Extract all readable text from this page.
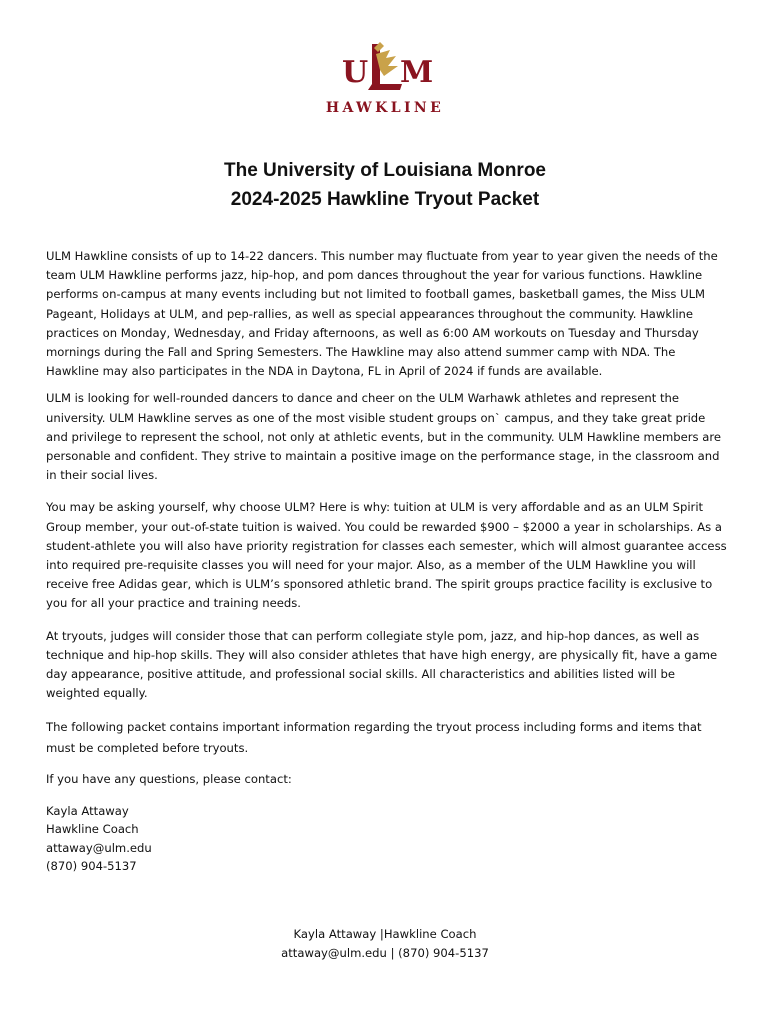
U M
HAWKLINE
The University of Louisiana Monroe
2024-2025 Hawkline Tryout Packet

ULM Hawkline consists of up to 14-22 dancers. This number may fluctuate from year to year given the needs of the team ULM Hawkline performs jazz, hip-hop, and pom dances throughout the year for various functions. Hawkline performs on-campus at many events including but not limited to football games, basketball games, the Miss ULM Pageant, Holidays at ULM, and pep-rallies, as well as special appearances throughout the community. Hawkline practices on Monday, Wednesday, and Friday afternoons, as well as 6:00 AM workouts on Tuesday and Thursday mornings during the Fall and Spring Semesters. The Hawkline may also attend summer camp with NDA. The Hawkline may also participates in the NDA in Daytona, FL in April of 2024 if funds are available.

ULM is looking for well-rounded dancers to dance and cheer on the ULM Warhawk athletes and represent the university. ULM Hawkline serves as one of the most visible student groups on` campus, and they take great pride and privilege to represent the school, not only at athletic events, but in the community. ULM Hawkline members are personable and confident. They strive to maintain a positive image on the performance stage, in the classroom and in their social lives.

You may be asking yourself, why choose ULM? Here is why: tuition at ULM is very affordable and as an ULM Spirit Group member, your out-of-state tuition is waived. You could be rewarded $900 – $2000 a year in scholarships. As a student-athlete you will also have priority registration for classes each semester, which will almost guarantee access into required pre-requisite classes you will need for your major. Also, as a member of the ULM Hawkline you will receive free Adidas gear, which is ULM’s sponsored athletic brand. The spirit groups practice facility is exclusive to you for all your practice and training needs.

At tryouts, judges will consider those that can perform collegiate style pom, jazz, and hip-hop dances, as well as technique and hip-hop skills. They will also consider athletes that have high energy, are physically fit, have a game day appearance, positive attitude, and professional social skills. All characteristics and abilities listed will be weighted equally.

The following packet contains important information regarding the tryout process including forms and items that must be completed before tryouts.

If you have any questions, please contact:

Kayla Attaway
Hawkline Coach
attaway@ulm.edu
(870) 904-5137
Kayla Attaway |Hawkline Coach
attaway@ulm.edu | (870) 904-5137
